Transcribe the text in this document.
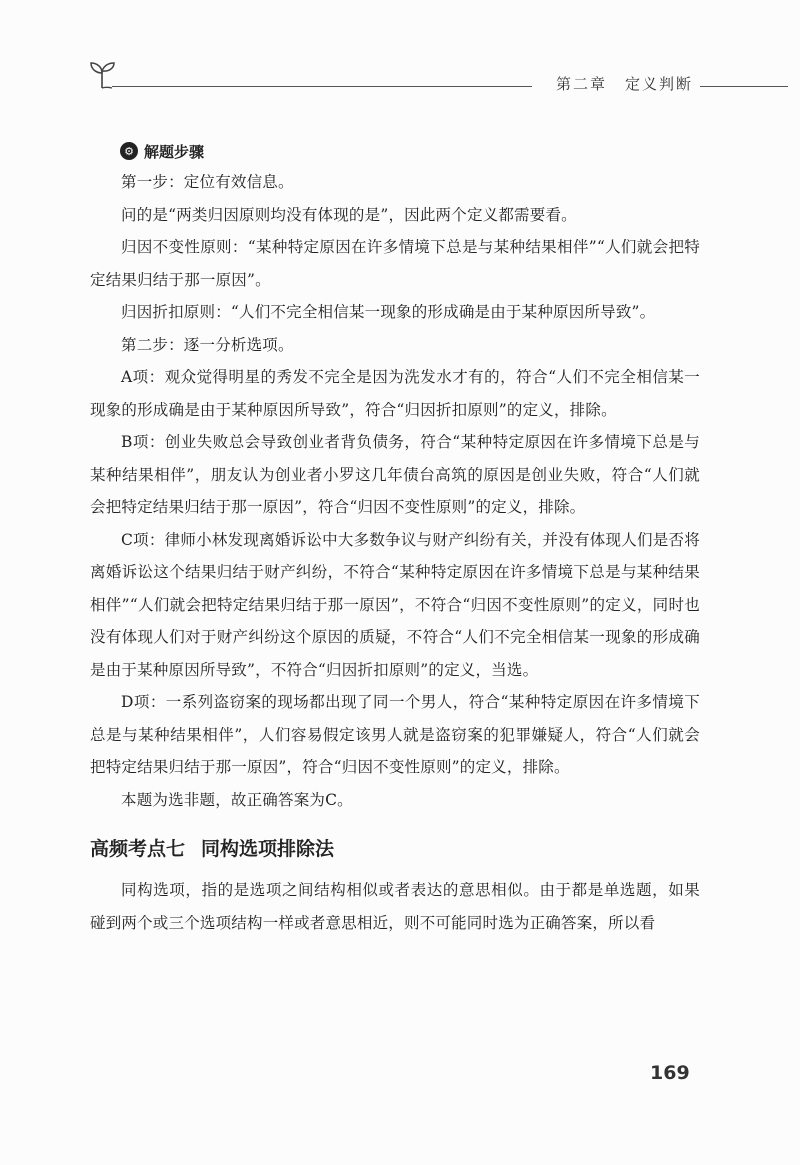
第二章 定义判断
⚙ 解题步骤

第一步：定位有效信息。

问的是“两类归因原则均没有体现的是”，因此两个定义都需要看。

归因不变性原则：“某种特定原因在许多情境下总是与某种结果相伴”“人们就会把特定结果归结于那一原因”。

归因折扣原则：“人们不完全相信某一现象的形成确是由于某种原因所导致”。

第二步：逐一分析选项。

A项：观众觉得明星的秀发不完全是因为洗发水才有的，符合“人们不完全相信某一现象的形成确是由于某种原因所导致”，符合“归因折扣原则”的定义，排除。

B项：创业失败总会导致创业者背负债务，符合“某种特定原因在许多情境下总是与某种结果相伴”，朋友认为创业者小罗这几年债台高筑的原因是创业失败，符合“人们就会把特定结果归结于那一原因”，符合“归因不变性原则”的定义，排除。

C项：律师小林发现离婚诉讼中大多数争议与财产纠纷有关，并没有体现人们是否将离婚诉讼这个结果归结于财产纠纷，不符合“某种特定原因在许多情境下总是与某种结果相伴”“人们就会把特定结果归结于那一原因”，不符合“归因不变性原则”的定义，同时也没有体现人们对于财产纠纷这个原因的质疑，不符合“人们不完全相信某一现象的形成确是由于某种原因所导致”，不符合“归因折扣原则”的定义，当选。

D项：一系列盗窃案的现场都出现了同一个男人，符合“某种特定原因在许多情境下总是与某种结果相伴”，人们容易假定该男人就是盗窃案的犯罪嫌疑人，符合“人们就会把特定结果归结于那一原因”，符合“归因不变性原则”的定义，排除。

本题为选非题，故正确答案为C。

高频考点七 同构选项排除法

同构选项，指的是选项之间结构相似或者表达的意思相似。由于都是单选题，如果碰到两个或三个选项结构一样或者意思相近，则不可能同时选为正确答案，所以看

169
